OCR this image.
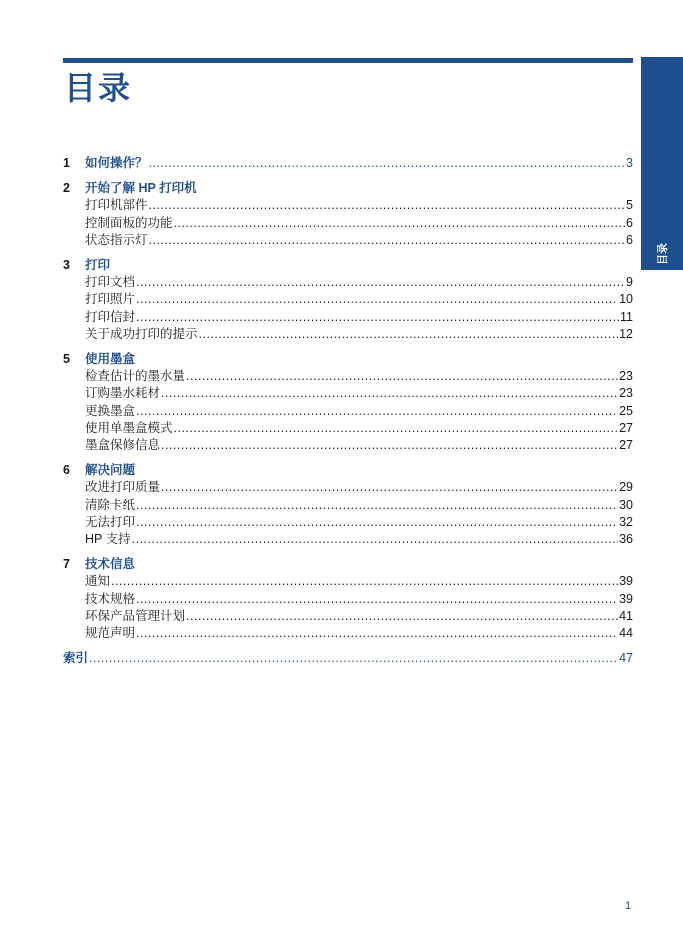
目录
目录
1	如何操作？ .....	3
2	开始了解 HP 打印机
打印机部件 .....	5
控制面板的功能 .....	6
状态指示灯 .....	6
3	打印
打印文档 .....	9
打印照片 .....	10
打印信封 .....	11
关于成功打印的提示 .....	12
5	使用墨盒
检查估计的墨水量 .....	23
订购墨水耗材 .....	23
更换墨盒 .....	25
使用单墨盒模式 .....	27
墨盒保修信息 .....	27
6	解决问题
改进打印质量 .....	29
清除卡纸 .....	30
无法打印 .....	32
HP 支持 .....	36
7	技术信息
通知 .....	39
技术规格 .....	39
环保产品管理计划 .....	41
规范声明 .....	44
索引 .....	47
1
